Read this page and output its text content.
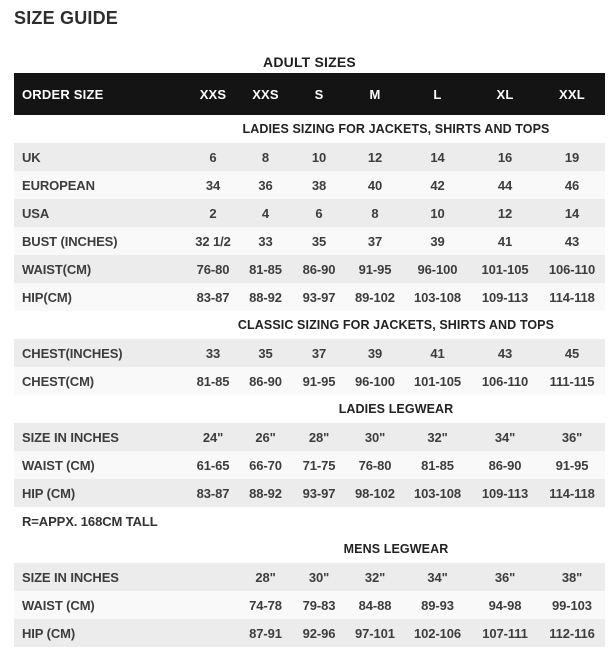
SIZE GUIDE
ADULT SIZES
ORDER SIZE	XXS	XXS	S	M	L	XL	XXL
	LADIES SIZING FOR JACKETS, SHIRTS AND TOPS						
UK	6	8	10	12	14	16	19
EUROPEAN	34	36	38	40	42	44	46
USA	2	4	6	8	10	12	14
BUST (INCHES)	32 1/2	33	35	37	39	41	43
WAIST(CM)	76-80	81-85	86-90	91-95	96-100	101-105	106-110
HIP(CM)	83-87	88-92	93-97	89-102	103-108	109-113	114-118
	CLASSIC SIZING FOR JACKETS, SHIRTS AND TOPS						
CHEST(INCHES)	33	35	37	39	41	43	45
CHEST(CM)	81-85	86-90	91-95	96-100	101-105	106-110	111-115
	LADIES LEGWEAR						
SIZE IN INCHES	24"	26"	28"	30"	32"	34"	36"
WAIST (CM)	61-65	66-70	71-75	76-80	81-85	86-90	91-95
HIP (CM)	83-87	88-92	93-97	98-102	103-108	109-113	114-118
R=APPX. 168CM TALL							
	MENS LEGWEAR						
SIZE IN INCHES		28"	30"	32"	34"	36"	38"
WAIST (CM)		74-78	79-83	84-88	89-93	94-98	99-103
HIP (CM)		87-91	92-96	97-101	102-106	107-111	112-116
